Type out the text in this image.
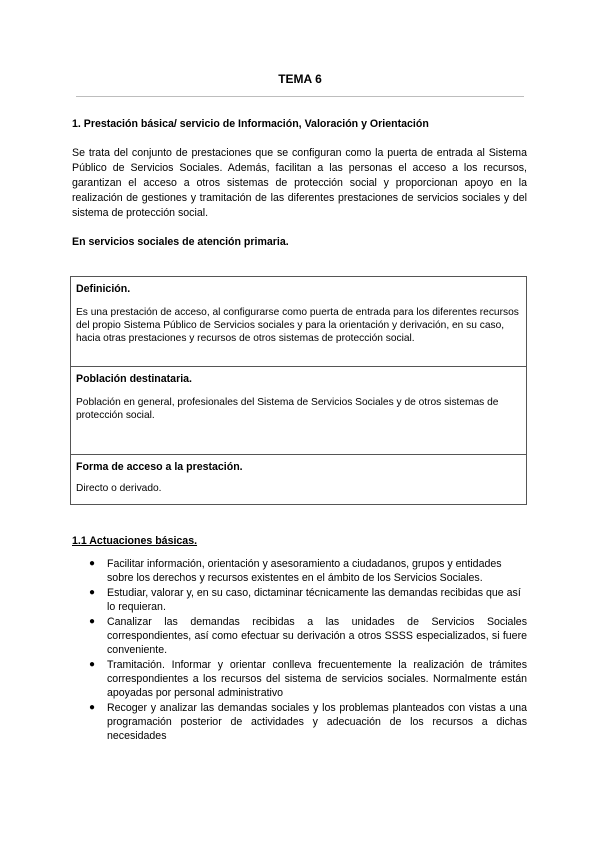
TEMA 6
1. Prestación básica/ servicio de Información, Valoración y Orientación

Se trata del conjunto de prestaciones que se configuran como la puerta de entrada al Sistema Público de Servicios Sociales. Además, facilitan a las personas el acceso a los recursos, garantizan el acceso a otros sistemas de protección social y proporcionan apoyo en la realización de gestiones y tramitación de las diferentes prestaciones de servicios sociales y del sistema de protección social.

En servicios sociales de atención primaria.
Definición.
Es una prestación de acceso, al configurarse como puerta de entrada para los diferentes recursos del propio Sistema Público de Servicios sociales y para la orientación y derivación, en su caso, hacia otras prestaciones y recursos de otros sistemas de protección social.
Población destinataria.
Población en general, profesionales del Sistema de Servicios Sociales y de otros sistemas de protección social.
Forma de acceso a la prestación.
Directo o derivado.
1.1 Actuaciones básicas.
● Facilitar información, orientación y asesoramiento a ciudadanos, grupos y entidades sobre los derechos y recursos existentes en el ámbito de los Servicios Sociales.
● Estudiar, valorar y, en su caso, dictaminar técnicamente las demandas recibidas que así lo requieran.
● Canalizar las demandas recibidas a las unidades de Servicios Sociales correspondientes, así como efectuar su derivación a otros SSSS especializados, si fuere conveniente.
● Tramitación. Informar y orientar conlleva frecuentemente la realización de trámites correspondientes a los recursos del sistema de servicios sociales. Normalmente están apoyadas por personal administrativo
● Recoger y analizar las demandas sociales y los problemas planteados con vistas a una programación posterior de actividades y adecuación de los recursos a dichas necesidades
